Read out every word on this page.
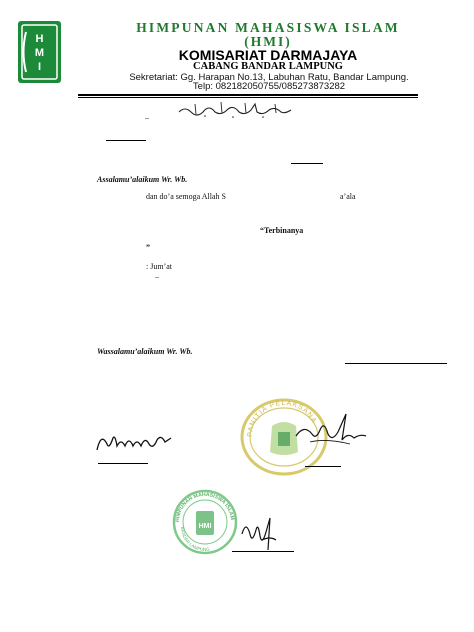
H
M
I
HIMPUNAN MAHASISWA ISLAM
(HMI)
KOMISARIAT DARMAJAYA
CABANG BANDAR LAMPUNG
Sekretariat: Gg. Harapan No.13, Labuhan Ratu, Bandar Lampung.
Telp: 082182050755/085273873282
–
Assalamu’alaikum Wr. Wb.
dan do’a semoga Allah S	a’ala
“Terbinanya
”
: Jum’at
–
Wassalamu’alaikum Wr. Wb.
PANITIA PELAKSANA
HIMPUNAN MAHASISWA ISLAM
BANDAR LAMPUNG
HMI
